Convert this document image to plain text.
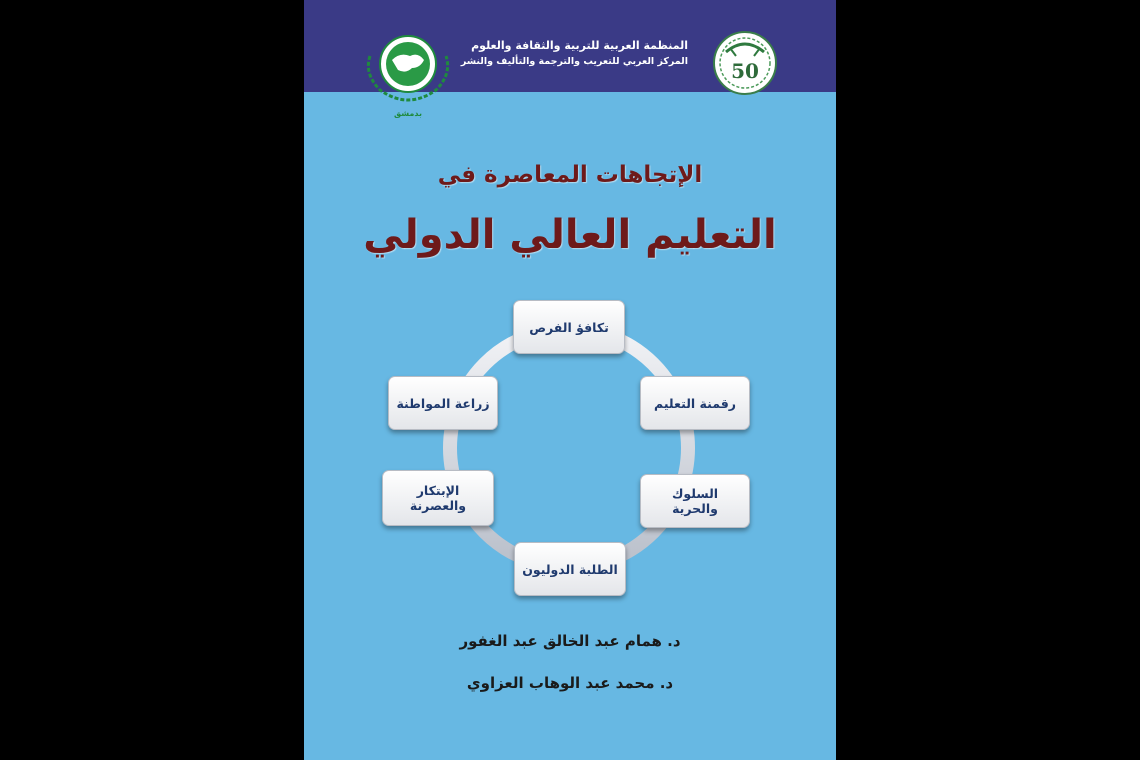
المنظمة العربية للتربية والثقافة والعلوم
المركز العربي للتعريب والترجمة والتأليف والنشر 50
بدمشق
الإتجاهات المعاصرة في
التعليم العالي الدولي
تكافؤ الفرص
رقمنة التعليم
السلوك والحرية
الطلبة الدوليون
الإبتكار والعصرنة
زراعة المواطنة
د. همام عبد الخالق عبد الغفور
د. محمد عبد الوهاب العزاوي
